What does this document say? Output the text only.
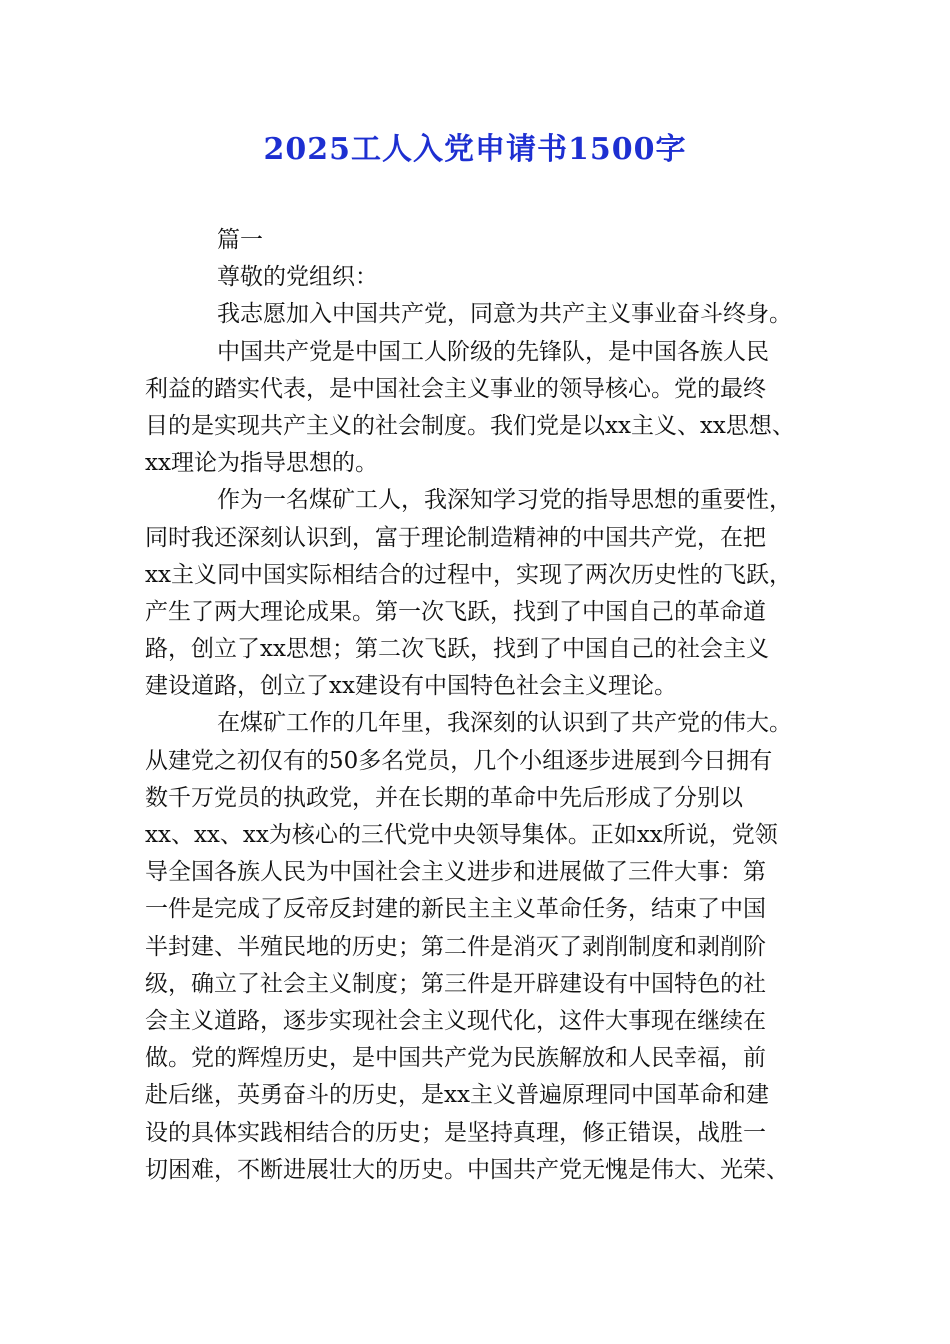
2025工人入党申请书1500字
篇一
尊敬的党组织：
我志愿加入中国共产党，同意为共产主义事业奋斗终身。
中国共产党是中国工人阶级的先锋队，是中国各族人民
利益的踏实代表，是中国社会主义事业的领导核心。党的最终
目的是实现共产主义的社会制度。我们党是以xx主义、xx思想、
xx理论为指导思想的。
作为一名煤矿工人，我深知学习党的指导思想的重要性，
同时我还深刻认识到，富于理论制造精神的中国共产党，在把
xx主义同中国实际相结合的过程中，实现了两次历史性的飞跃，
产生了两大理论成果。第一次飞跃，找到了中国自己的革命道
路，创立了xx思想；第二次飞跃，找到了中国自己的社会主义
建设道路，创立了xx建设有中国特色社会主义理论。
在煤矿工作的几年里，我深刻的认识到了共产党的伟大。
从建党之初仅有的50多名党员，几个小组逐步进展到今日拥有
数千万党员的执政党，并在长期的革命中先后形成了分别以
xx、xx、xx为核心的三代党中央领导集体。正如xx所说，党领
导全国各族人民为中国社会主义进步和进展做了三件大事：第
一件是完成了反帝反封建的新民主主义革命任务，结束了中国
半封建、半殖民地的历史；第二件是消灭了剥削制度和剥削阶
级，确立了社会主义制度；第三件是开辟建设有中国特色的社
会主义道路，逐步实现社会主义现代化，这件大事现在继续在
做。党的辉煌历史，是中国共产党为民族解放和人民幸福，前
赴后继，英勇奋斗的历史，是xx主义普遍原理同中国革命和建
设的具体实践相结合的历史；是坚持真理，修正错误，战胜一
切困难，不断进展壮大的历史。中国共产党无愧是伟大、光荣、
